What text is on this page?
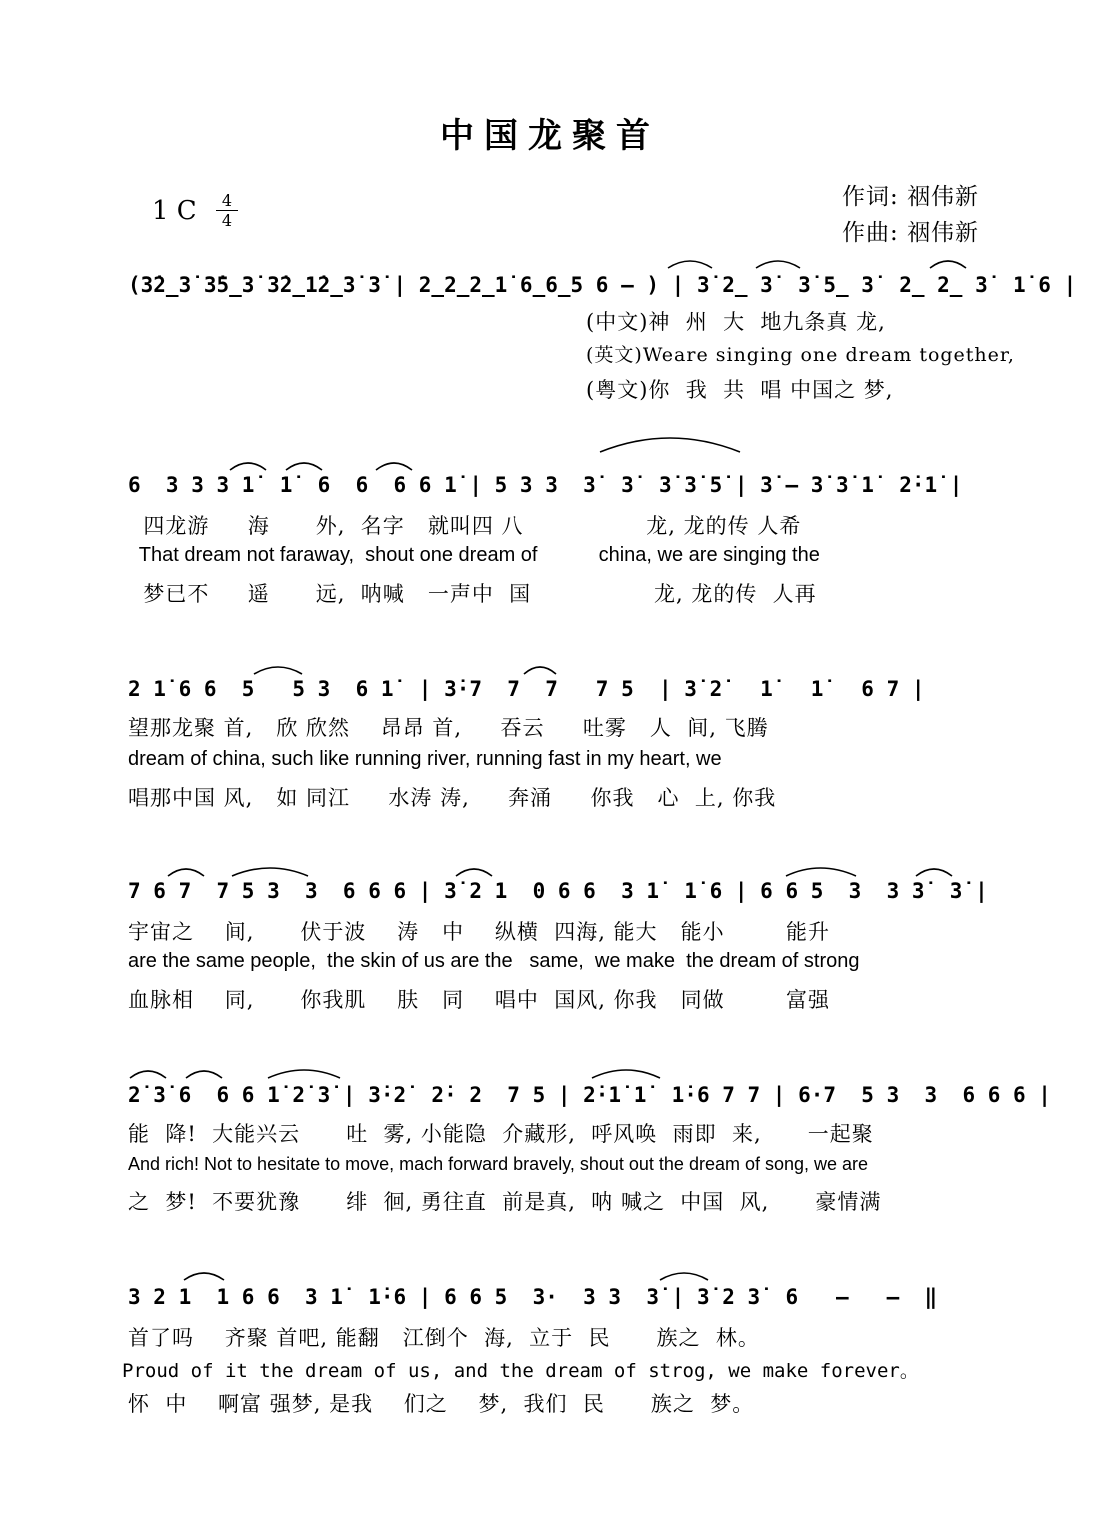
中国龙聚首
1 C	4
4
作词: 䄄伟新
作曲: 䄄伟新
(3̇2̲3̇ 3̇5̲3̇ 3̇2̲1̇2̲3̇ 3̇ | 2̲2̲2̲1̇ 6̲6̲5 6 – ) | 3̇ 2̲ 3̇  3̇ 5̲ 3̇  2̲ 2̲ 3̇  1̇ 6 |
(中文)神  州  大  地九条真 龙,
(英文)Weare singing one dream together,
(粤文)你  我  共  唱 中国之 梦,
6  3 3 3 1̇  1̇  6  6  6 6 1̇ | 5 3 3  3̇  3̇  3̇ 3̇ 5̇ | 3̇ – 3̇ 3̇ 1̇  2̇·1̇ |
四龙游     海      外,  名字   就叫四 八                龙, 龙的传 人希
That dream not faraway,  shout one dream of           china, we are singing the
梦已不     遥      远,  呐喊   一声中  国                龙, 龙的传  人再
2 1̇ 6 6  5   5 3  6 1̇  | 3̇·7  7  7   7 5  | 3̇ 2̇   1̇   1̇   6 7 |
望那龙聚 首,   欣 欣然    昂昂 首,     吞云     吐雾   人  间, 飞腾
dream of china, such like running river, running fast in my heart, we
唱那中国 风,   如 同江     水涛 涛,     奔涌     你我   心  上, 你我
7 6 7  7 5 3  3  6 6 6 | 3̇ 2 1  0 6 6  3 1̇  1̇ 6 | 6 6 5  3  3 3̇  3̇ |
宇宙之    间,      伏于波    涛   中    纵横  四海, 能大   能小        能升
are the same people,  the skin of us are the   same,  we make  the dream of strong
血脉相    同,      你我肌    肤   同    唱中  国风, 你我   同做        富强
2̇ 3̇ 6  6 6 1̇ 2̇ 3̇ | 3̇·2̇  2̇· 2  7 5 | 2̇·1̇ 1̇  1̇·6 7 7 | 6·7  5 3  3  6 6 6 |
能  降!  大能兴云      吐  雾, 小能隐  介藏形,  呼风唤  雨即  来,      一起聚
And rich! Not to hesitate to move, mach forward bravely, shout out the dream of song, we are
之  梦!  不要犹豫      绯  徊, 勇往直  前是真,  呐 喊之  中国  风,      豪情满
3 2 1  1 6 6  3 1̇  1̇·6 | 6 6 5  3·  3 3  3̇ | 3̇ 2 3̇  6   –   –  ‖
首了吗    齐聚 首吧, 能翻   江倒个  海,  立于  民      族之  林。
Proud of it the dream of us, and the dream of strog, we make forever。
怀  中    啊富 强梦, 是我    们之    梦,  我们  民      族之  梦。
